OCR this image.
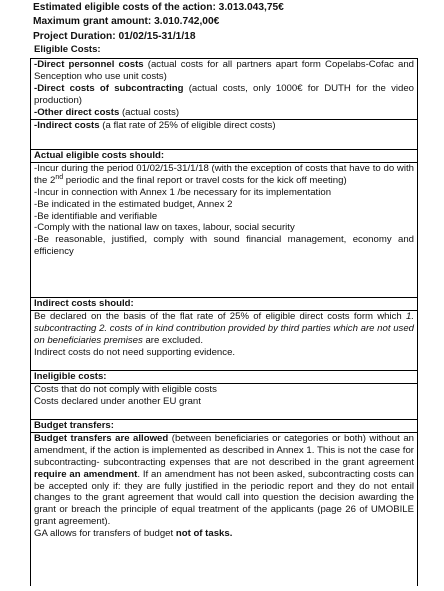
Estimated eligible costs of the action: 3.013.043,75€
Maximum grant amount: 3.010.742,00€
Project Duration: 01/02/15-31/1/18
Eligible Costs:

-Direct personnel costs (actual costs for all partners apart form Copelabs-Cofac and Senception who use unit costs)

-Direct costs of subcontracting (actual costs, only 1000€ for DUTH for the video production)

-Other direct costs (actual costs)

-Indirect costs (a flat rate of 25% of eligible direct costs)
Actual eligible costs should:

-Incur during the period 01/02/15-31/1/18 (with the exception of costs that have to do with the 2nd periodic and the final report or travel costs for the kick off meeting)

-Incur in connection with Annex 1 /be necessary for its implementation

-Be indicated in the estimated budget, Annex 2

-Be identifiable and verifiable

-Comply with the national law on taxes, labour, social security

-Be reasonable, justified, comply with sound financial management, economy and efficiency

Indirect costs should:

Be declared on the basis of the flat rate of 25% of eligible direct costs form which 1. subcontracting 2. costs of in kind contribution provided by third parties which are not used on beneficiaries premises are excluded.

Indirect costs do not need supporting evidence.

Ineligible costs:

Costs that do not comply with eligible costs

Costs declared under another EU grant

Budget transfers:

Budget transfers are allowed (between beneficiaries or categories or both) without an amendment, if the action is implemented as described in Annex 1. This is not the case for subcontracting- subcontracting expenses that are not described in the grant agreement require an amendment. If an amendment has not been asked, subcontracting costs can be accepted only if: they are fully justified in the periodic report and they do not entail changes to the grant agreement that would call into question the decision awarding the grant or breach the principle of equal treatment of the applicants (page 26 of UMOBILE grant agreement).

GA allows for transfers of budget not of tasks.
